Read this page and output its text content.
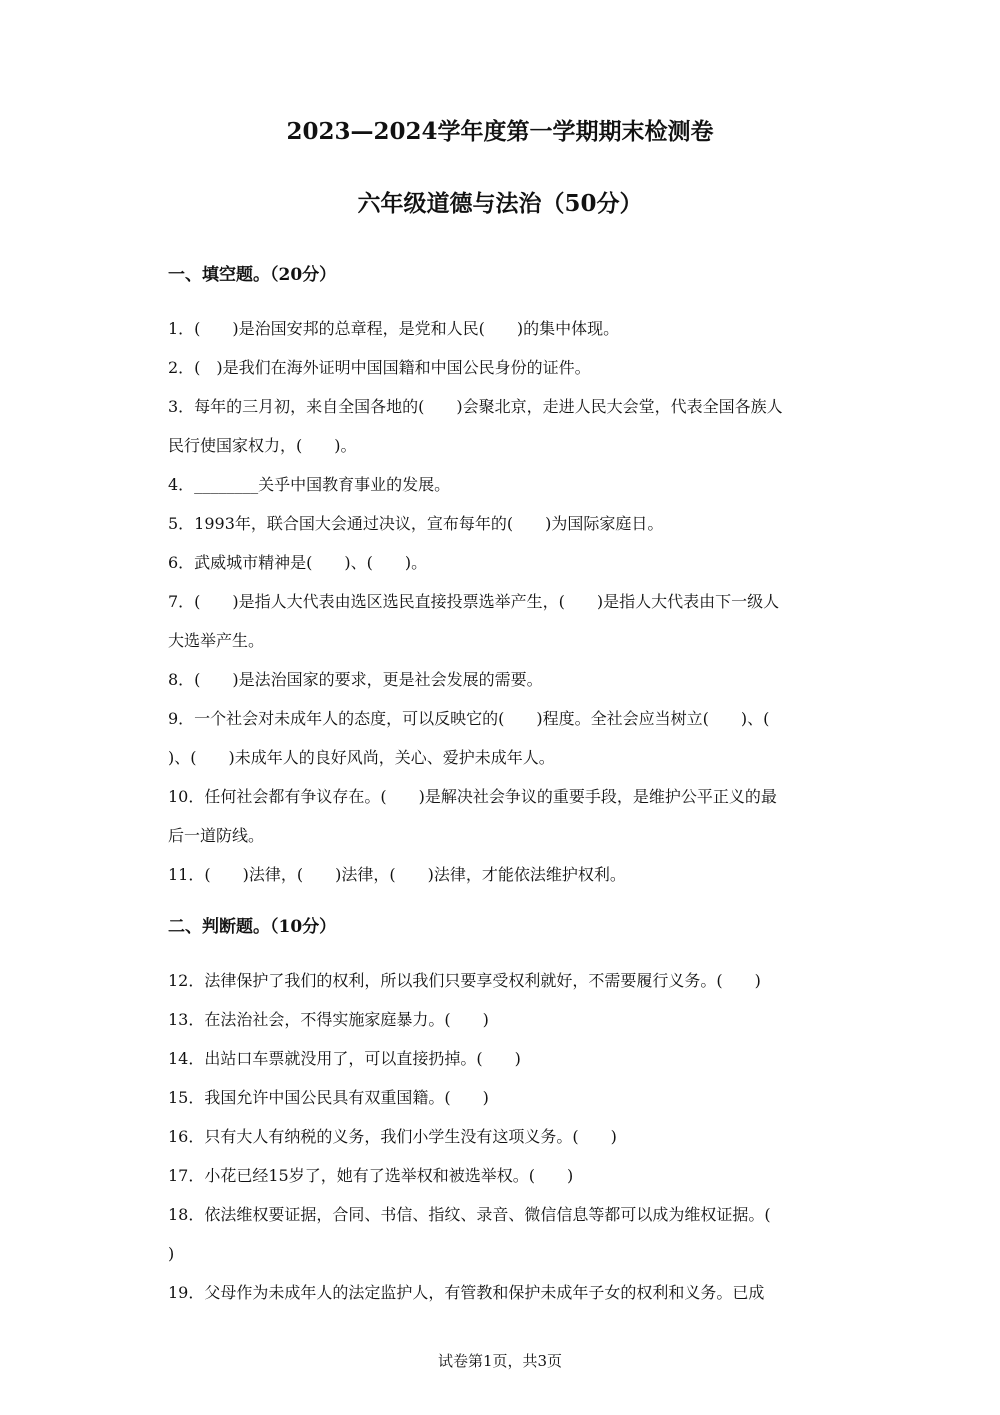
2023—2024学年度第一学期期末检测卷
六年级道德与法治（50分）
一、填空题。（20分）
1．(　　)是治国安邦的总章程，是党和人民(　　)的集中体现。
2．(　)是我们在海外证明中国国籍和中国公民身份的证件。
3．每年的三月初，来自全国各地的(　　)会聚北京，走进人民大会堂，代表全国各族人
民行使国家权力，(　　)。
4．________关乎中国教育事业的发展。
5．1993年，联合国大会通过决议，宣布每年的(　　)为国际家庭日。
6．武威城市精神是(　　)、(　　)。
7．(　　)是指人大代表由选区选民直接投票选举产生，(　　)是指人大代表由下一级人
大选举产生。
8．(　　)是法治国家的要求，更是社会发展的需要。
9．一个社会对未成年人的态度，可以反映它的(　　)程度。全社会应当树立(　　)、(
)、(　　)未成年人的良好风尚，关心、爱护未成年人。
10．任何社会都有争议存在。(　　)是解决社会争议的重要手段，是维护公平正义的最
后一道防线。
11．(　　)法律，(　　)法律，(　　)法律，才能依法维护权利。
二、判断题。（10分）
12．法律保护了我们的权利，所以我们只要享受权利就好，不需要履行义务。(　　)
13．在法治社会，不得实施家庭暴力。(　　)
14．出站口车票就没用了，可以直接扔掉。(　　)
15．我国允许中国公民具有双重国籍。(　　)
16．只有大人有纳税的义务，我们小学生没有这项义务。(　　)
17．小花已经15岁了，她有了选举权和被选举权。(　　)
18．依法维权要证据，合同、书信、指纹、录音、微信信息等都可以成为维权证据。(
)
19．父母作为未成年人的法定监护人，有管教和保护未成年子女的权利和义务。已成
试卷第1页，共3页
